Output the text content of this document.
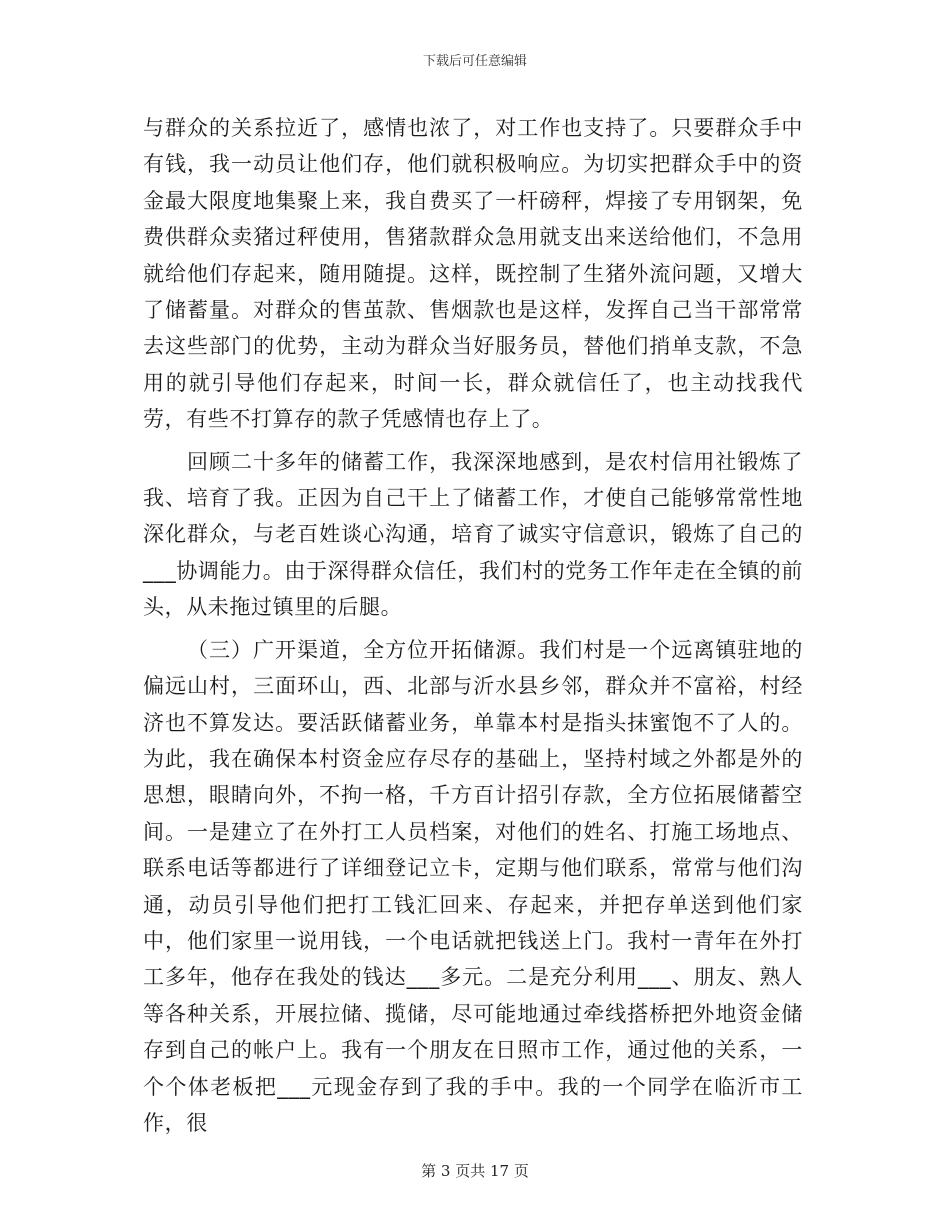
下载后可任意编辑

与群众的关系拉近了，感情也浓了，对工作也支持了。只要群众手中有钱，我一动员让他们存，他们就积极响应。为切实把群众手中的资金最大限度地集聚上来，我自费买了一杆磅秤，焊接了专用钢架，免费供群众卖猪过秤使用，售猪款群众急用就支出来送给他们，不急用就给他们存起来，随用随提。这样，既控制了生猪外流问题，又增大了储蓄量。对群众的售茧款、售烟款也是这样，发挥自己当干部常常去这些部门的优势，主动为群众当好服务员，替他们捎单支款，不急用的就引导他们存起来，时间一长，群众就信任了，也主动找我代劳，有些不打算存的款子凭感情也存上了。

回顾二十多年的储蓄工作，我深深地感到，是农村信用社锻炼了我、培育了我。正因为自己干上了储蓄工作，才使自己能够常常性地深化群众，与老百姓谈心沟通，培育了诚实守信意识，锻炼了自己的___协调能力。由于深得群众信任，我们村的党务工作年走在全镇的前头，从未拖过镇里的后腿。

（三）广开渠道，全方位开拓储源。我们村是一个远离镇驻地的偏远山村，三面环山，西、北部与沂水县乡邻，群众并不富裕，村经济也不算发达。要活跃储蓄业务，单靠本村是指头抹蜜饱不了人的。为此，我在确保本村资金应存尽存的基础上，坚持村域之外都是外的思想，眼睛向外，不拘一格，千方百计招引存款，全方位拓展储蓄空间。一是建立了在外打工人员档案，对他们的姓名、打施工场地点、联系电话等都进行了详细登记立卡，定期与他们联系，常常与他们沟通，动员引导他们把打工钱汇回来、存起来，并把存单送到他们家中，他们家里一说用钱，一个电话就把钱送上门。我村一青年在外打工多年，他存在我处的钱达___多元。二是充分利用___、朋友、熟人等各种关系，开展拉储、揽储，尽可能地通过牵线搭桥把外地资金储存到自己的帐户上。我有一个朋友在日照市工作，通过他的关系，一个个体老板把___元现金存到了我的手中。我的一个同学在临沂市工作，很

第 3 页共 17 页
